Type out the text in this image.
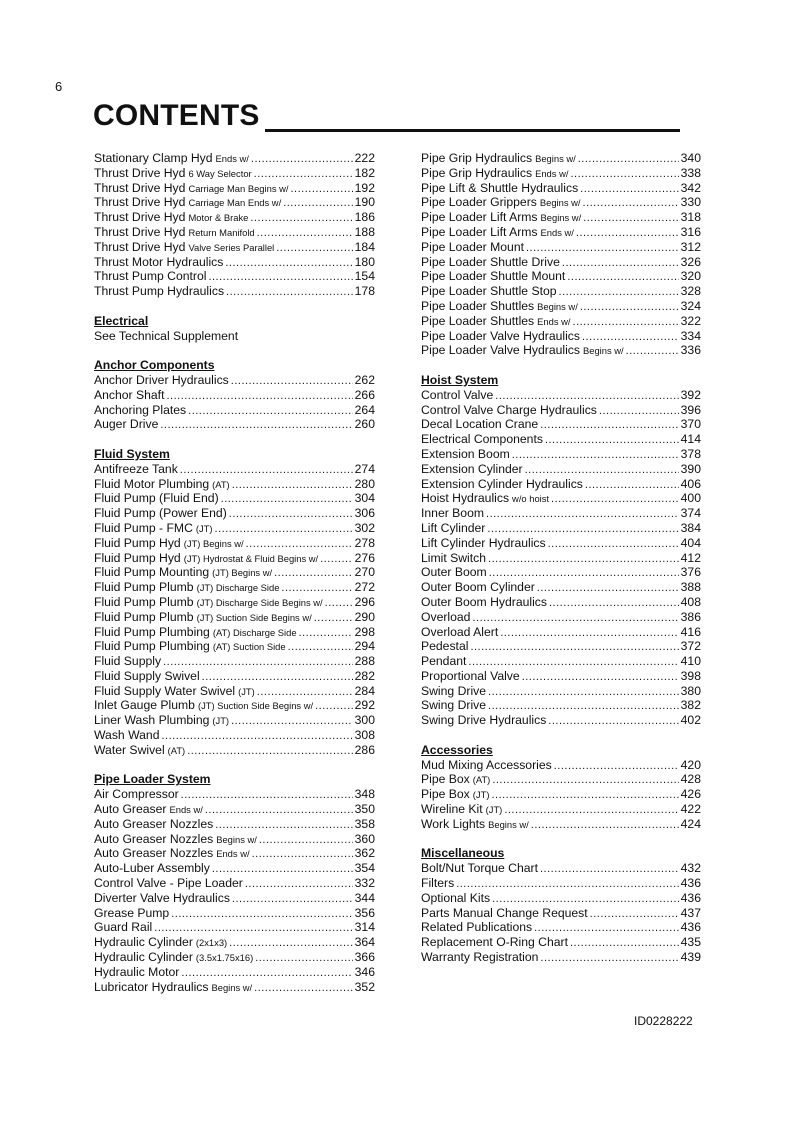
6
CONTENTS
Stationary Clamp Hyd Ends w/ .....	222
Thrust Drive Hyd 6 Way Selector .....	182
Thrust Drive Hyd Carriage Man Begins w/ .....	192
Thrust Drive Hyd Carriage Man Ends w/ .....	190
Thrust Drive Hyd Motor & Brake .....	186
Thrust Drive Hyd Return Manifold .....	188
Thrust Drive Hyd Valve Series Parallel .....	184
Thrust Motor Hydraulics .....	180
Thrust Pump Control .....	154
Thrust Pump Hydraulics .....	178
Electrical
See Technical Supplement
Anchor Components
Anchor Driver Hydraulics .....	262
Anchor Shaft .....	266
Anchoring Plates .....	264
Auger Drive .....	260
Fluid System
Antifreeze Tank .....	274
Fluid Motor Plumbing (AT) .....	280
Fluid Pump (Fluid End) .....	304
Fluid Pump (Power End) .....	306
Fluid Pump - FMC (JT) .....	302
Fluid Pump Hyd (JT) Begins w/ .....	278
Fluid Pump Hyd (JT) Hydrostat & Fluid Begins w/ .....	276
Fluid Pump Mounting (JT) Begins w/ .....	270
Fluid Pump Plumb (JT) Discharge Side .....	272
Fluid Pump Plumb (JT) Discharge Side Begins w/ .....	296
Fluid Pump Plumb (JT) Suction Side Begins w/ .....	290
Fluid Pump Plumbing (AT) Discharge Side .....	298
Fluid Pump Plumbing (AT) Suction Side .....	294
Fluid Supply .....	288
Fluid Supply Swivel .....	282
Fluid Supply Water Swivel (JT) .....	284
Inlet Gauge Plumb (JT) Suction Side Begins w/ .....	292
Liner Wash Plumbing (JT) .....	300
Wash Wand .....	308
Water Swivel (AT) .....	286
Pipe Loader System
Air Compressor .....	348
Auto Greaser Ends w/ .....	350
Auto Greaser Nozzles .....	358
Auto Greaser Nozzles Begins w/ .....	360
Auto Greaser Nozzles Ends w/ .....	362
Auto-Luber Assembly .....	354
Control Valve - Pipe Loader .....	332
Diverter Valve Hydraulics .....	344
Grease Pump .....	356
Guard Rail .....	314
Hydraulic Cylinder (2x1x3) .....	364
Hydraulic Cylinder (3.5x1.75x16) .....	366
Hydraulic Motor .....	346
Lubricator Hydraulics Begins w/ .....	352
Pipe Grip Hydraulics Begins w/ .....	340
Pipe Grip Hydraulics Ends w/ .....	338
Pipe Lift & Shuttle Hydraulics .....	342
Pipe Loader Grippers Begins w/ .....	330
Pipe Loader Lift Arms Begins w/ .....	318
Pipe Loader Lift Arms Ends w/ .....	316
Pipe Loader Mount .....	312
Pipe Loader Shuttle Drive .....	326
Pipe Loader Shuttle Mount .....	320
Pipe Loader Shuttle Stop .....	328
Pipe Loader Shuttles Begins w/ .....	324
Pipe Loader Shuttles Ends w/ .....	322
Pipe Loader Valve Hydraulics .....	334
Pipe Loader Valve Hydraulics Begins w/ .....	336
Hoist System
Control Valve .....	392
Control Valve Charge Hydraulics .....	396
Decal Location Crane .....	370
Electrical Components .....	414
Extension Boom .....	378
Extension Cylinder .....	390
Extension Cylinder Hydraulics .....	406
Hoist Hydraulics w/o hoist .....	400
Inner Boom .....	374
Lift Cylinder .....	384
Lift Cylinder Hydraulics .....	404
Limit Switch .....	412
Outer Boom .....	376
Outer Boom Cylinder .....	388
Outer Boom Hydraulics .....	408
Overload .....	386
Overload Alert .....	416
Pedestal .....	372
Pendant .....	410
Proportional Valve .....	398
Swing Drive .....	380
Swing Drive .....	382
Swing Drive Hydraulics .....	402
Accessories
Mud Mixing Accessories .....	420
Pipe Box (AT) .....	428
Pipe Box (JT) .....	426
Wireline Kit (JT) .....	422
Work Lights Begins w/ .....	424
Miscellaneous
Bolt/Nut Torque Chart .....	432
Filters .....	436
Optional Kits .....	436
Parts Manual Change Request .....	437
Related Publications .....	436
Replacement O-Ring Chart .....	435
Warranty Registration .....	439
ID0228222
